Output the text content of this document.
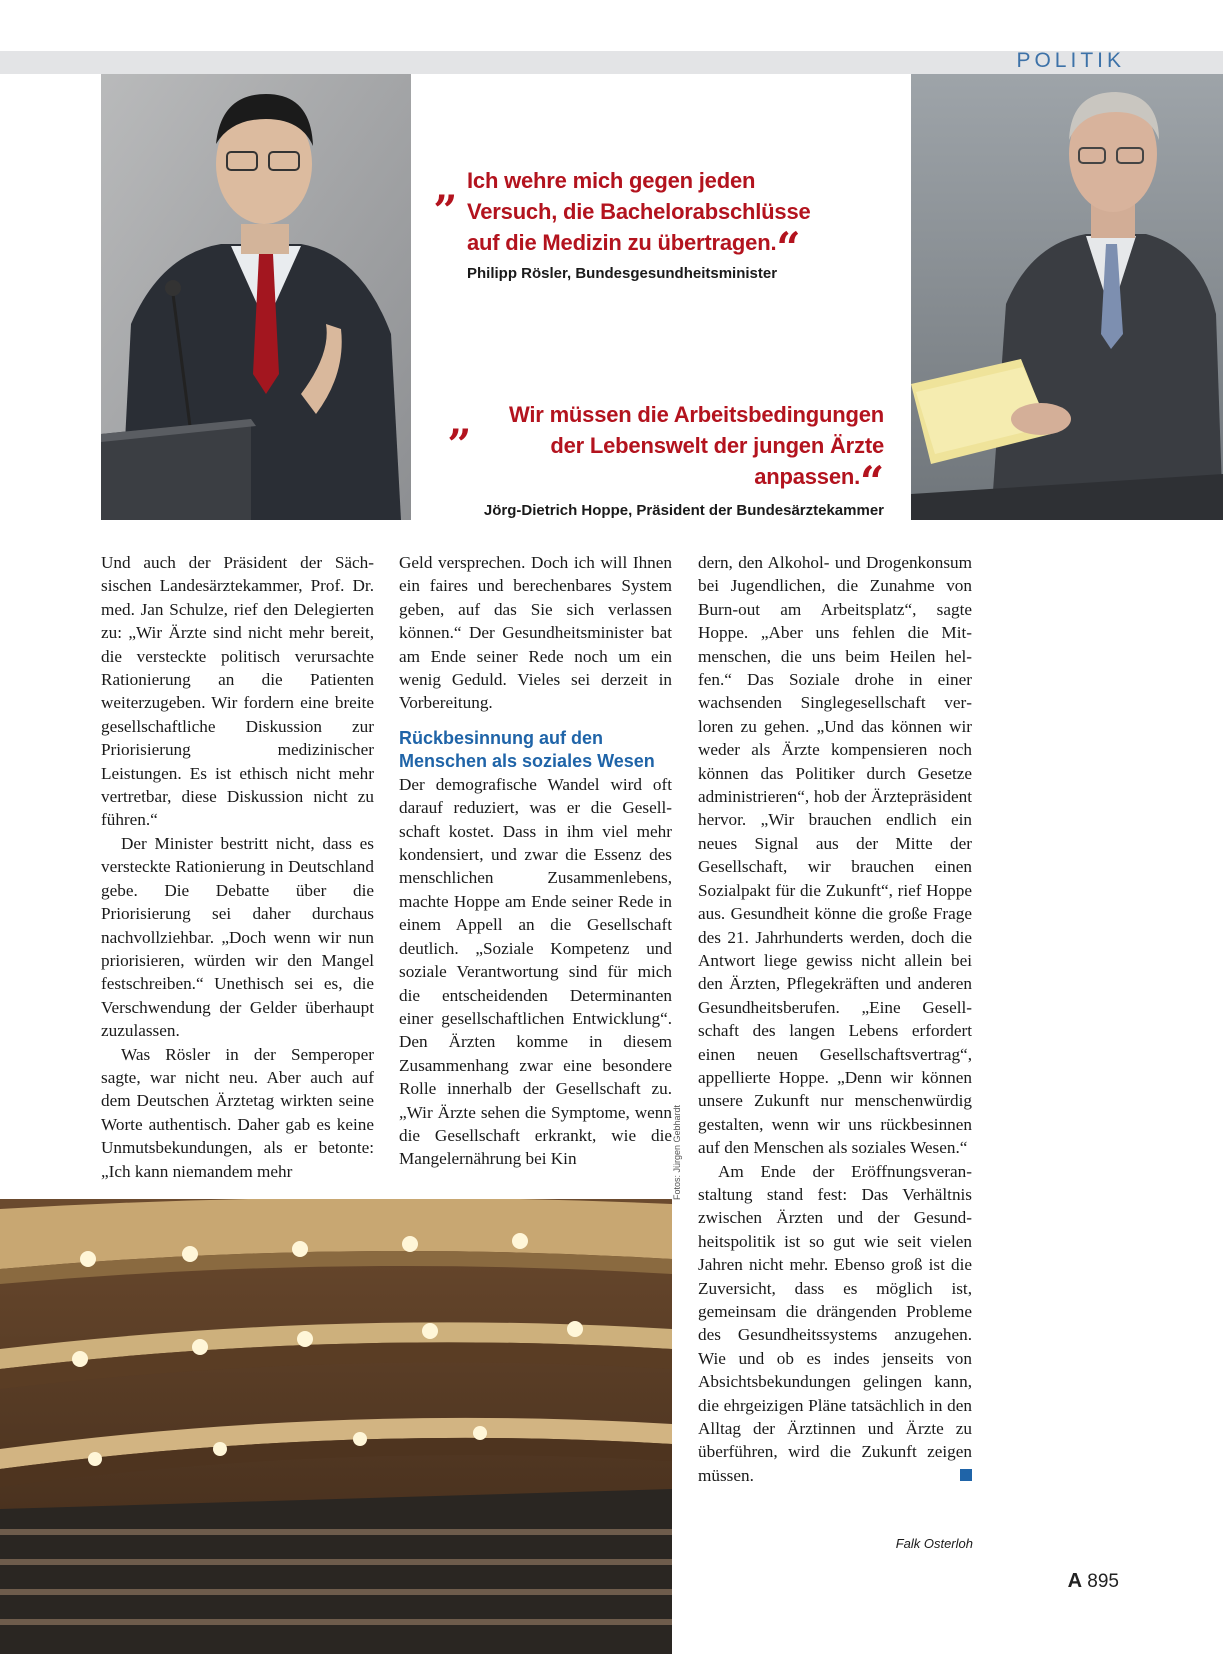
POLITIK
„ Ich wehre mich gegen jeden
Versuch, die Bachelorabschlüsse
auf die Medizin zu übertragen.“
Philipp Rösler, Bundesgesundheitsminister
„	Wir müssen die Arbeitsbedingungen
der Lebenswelt der jungen Ärzte
anpassen.“
Jörg-Dietrich Hoppe, Präsident der Bundesärztekammer

Und auch der Präsident der Sächsischen Landesärztekammer, Prof. Dr. med. Jan Schulze, rief den Delegierten zu: „Wir Ärzte sind nicht mehr bereit, die versteckte politisch verursachte Rationierung an die Patienten weiterzugeben. Wir fordern eine breite gesellschaftliche Diskussion zur Priorisierung medizinischer Leistungen. Es ist ethisch nicht mehr vertretbar, diese Diskussion nicht zu führen.“

Der Minister bestritt nicht, dass es versteckte Rationierung in Deutschland gebe. Die Debatte über die Priorisierung sei daher durchaus nachvollziehbar. „Doch wenn wir nun priorisieren, würden wir den Mangel festschreiben.“ Unethisch sei es, die Verschwendung der Gelder überhaupt zuzulassen.

Was Rösler in der Semperoper sagte, war nicht neu. Aber auch auf dem Deutschen Ärztetag wirkten seine Worte authentisch. Daher gab es keine Unmutsbekundungen, als er betonte: „Ich kann niemandem mehr

Geld versprechen. Doch ich will Ihnen ein faires und berechenbares System geben, auf das Sie sich verlassen können.“ Der Gesundheitsminister bat am Ende seiner Rede noch um ein wenig Geduld. Vieles sei derzeit in Vorbereitung.

Rückbesinnung auf den Menschen als soziales Wesen

Der demografische Wandel wird oft darauf reduziert, was er die Gesellschaft kostet. Dass in ihm viel mehr kondensiert, und zwar die Essenz des menschlichen Zusammenlebens, machte Hoppe am Ende seiner Rede in einem Appell an die Gesellschaft deutlich. „Soziale Kompetenz und soziale Verantwortung sind für mich die entscheidenden Determinanten einer gesellschaftlichen Entwicklung“. Den Ärzten komme in diesem Zusammenhang zwar eine besondere Rolle innerhalb der Gesellschaft zu. „Wir Ärzte sehen die Symptome, wenn die Gesellschaft erkrankt, wie die Mangelernährung bei Kin

dern, den Alkohol- und Drogenkonsum bei Jugendlichen, die Zunahme von Burn-out am Arbeitsplatz“, sagte Hoppe. „Aber uns fehlen die Mitmenschen, die uns beim Heilen helfen.“ Das Soziale drohe in einer wachsenden Singlegesellschaft verloren zu gehen. „Und das können wir weder als Ärzte kompensieren noch können das Politiker durch Gesetze administrieren“, hob der Ärztepräsident hervor. „Wir brauchen endlich ein neues Signal aus der Mitte der Gesellschaft, wir brauchen einen Sozialpakt für die Zukunft“, rief Hoppe aus. Gesundheit könne die große Frage des 21. Jahrhunderts werden, doch die Antwort liege gewiss nicht allein bei den Ärzten, Pflegekräften und anderen Gesundheitsberufen. „Eine Gesellschaft des langen Lebens erfordert einen neuen Gesellschaftsvertrag“, appellierte Hoppe. „Denn wir können unsere Zukunft nur menschenwürdig gestalten, wenn wir uns rückbesinnen auf den Menschen als soziales Wesen.“

Am Ende der Eröffnungsveranstaltung stand fest: Das Verhältnis zwischen Ärzten und der Gesundheitspolitik ist so gut wie seit vielen Jahren nicht mehr. Ebenso groß ist die Zuversicht, dass es möglich ist, gemeinsam die drängenden Probleme des Gesundheitssystems anzugehen. Wie und ob es indes jenseits von Absichtsbekundungen gelingen kann, die ehrgeizigen Pläne tatsächlich in den Alltag der Ärztinnen und Ärzte zu überführen, wird die Zukunft zeigen müssen.

Falk Osterloh
Fotos: Jürgen Gebhardt
A 895
